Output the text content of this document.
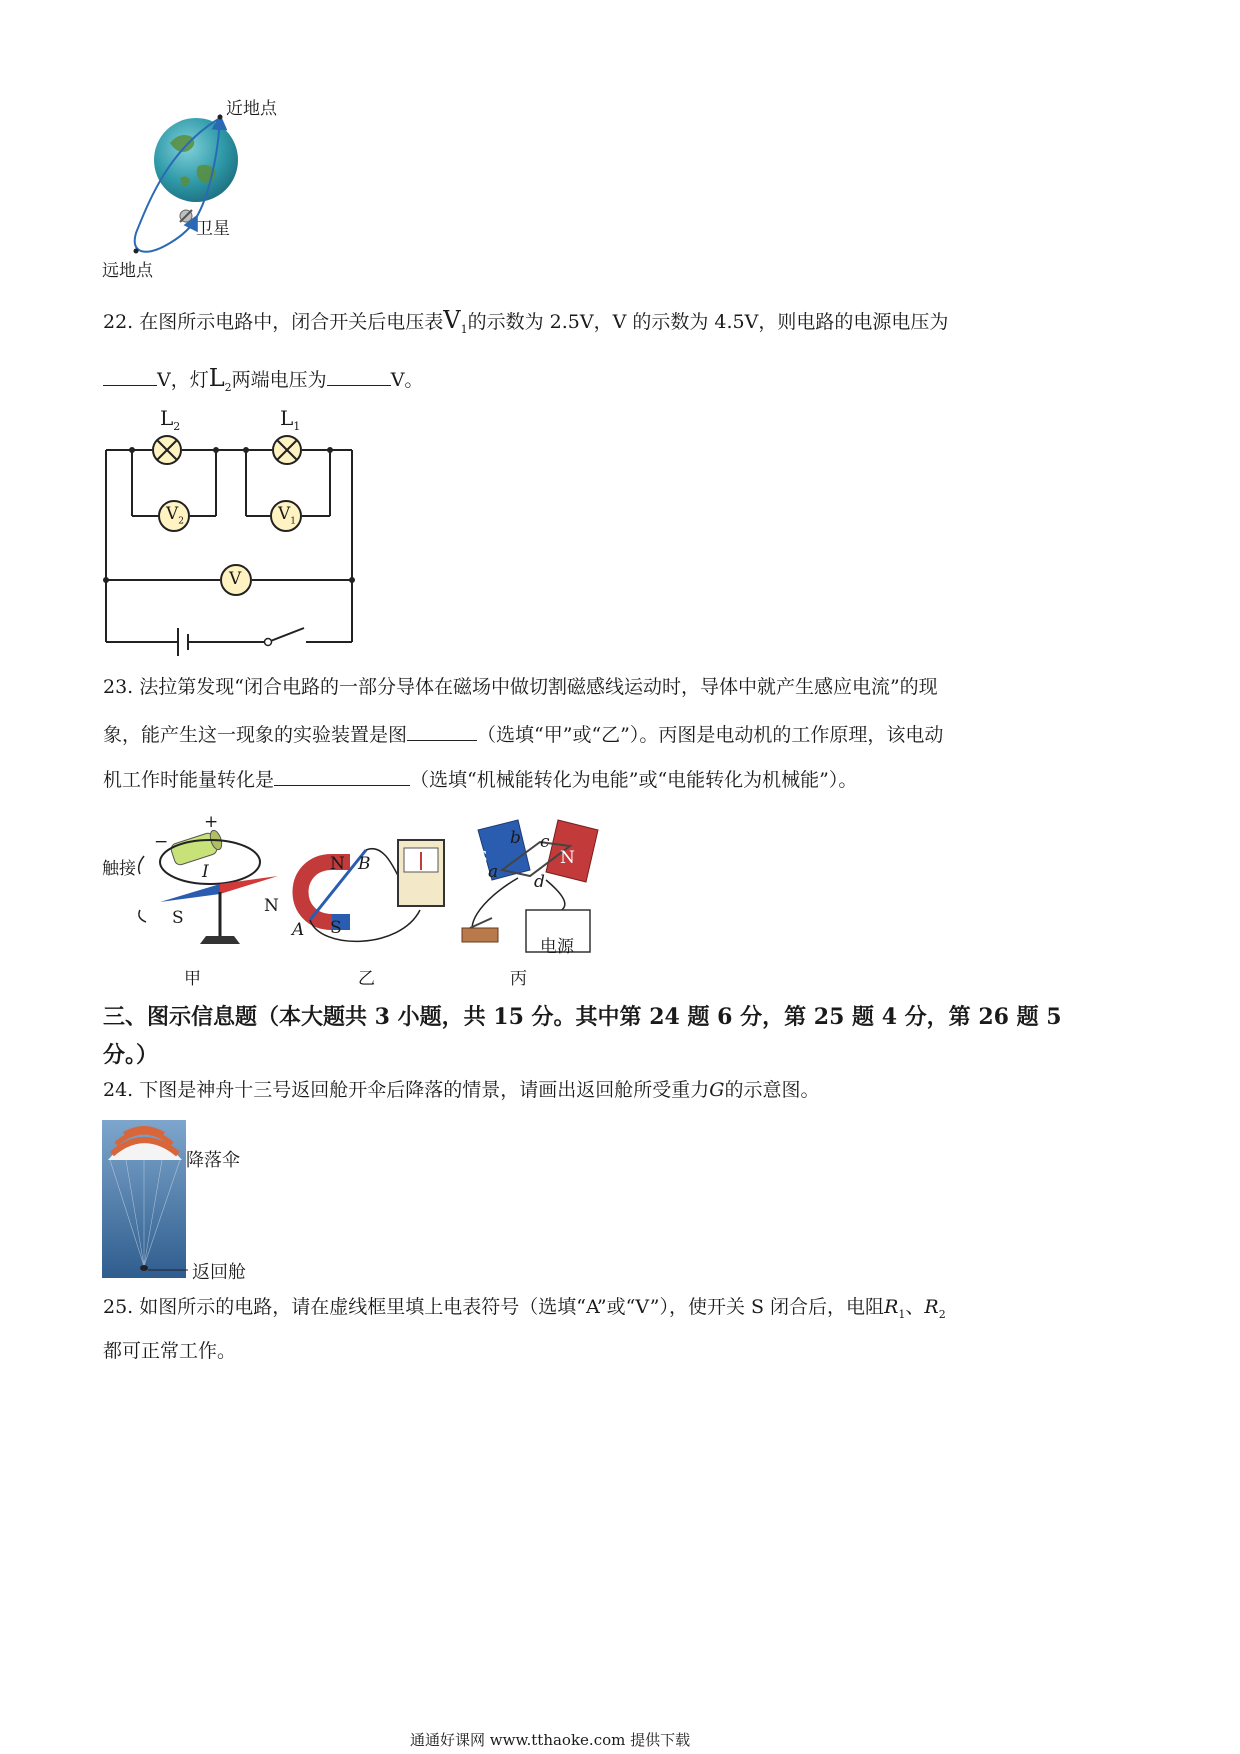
近地点
卫星
远地点
22. 在图所示电路中，闭合开关后电压表$V_1$的示数为 2.5V，V 的示数为 4.5V，则电路的电源电压为
V，灯$L_2$两端电压为	V。
$L_2$	$L_1$
$V_2$	$V_1$
V
23. 法拉第发现“闭合电路的一部分导体在磁场中做切割磁感线运动时，导体中就产生感应电流”的现
象，能产生这一现象的实验装置是图	（选填“甲”或“乙”）。丙图是电动机的工作原理，该电动
机工作时能量转化是	（选填“机械能转化为电能”或“电能转化为机械能”）。
触接
+
−
I
S
N
甲
N B
A S
乙
S	N
a
b c
d
电源
丙
三、图示信息题（本大题共 3 小题，共 15 分。其中第 24 题 6 分，第 25 题 4 分，第 26 题 5
分。）
24. 下图是神舟十三号返回舱开伞后降落的情景，请画出返回舱所受重力G的示意图。
降落伞
返回舱
25. 如图所示的电路，请在虚线框里填上电表符号（选填“A”或“V”），使开关 S 闭合后，电阻$R_1$、$R_2$
都可正常工作。
通通好课网 www.tthaoke.com 提供下载
